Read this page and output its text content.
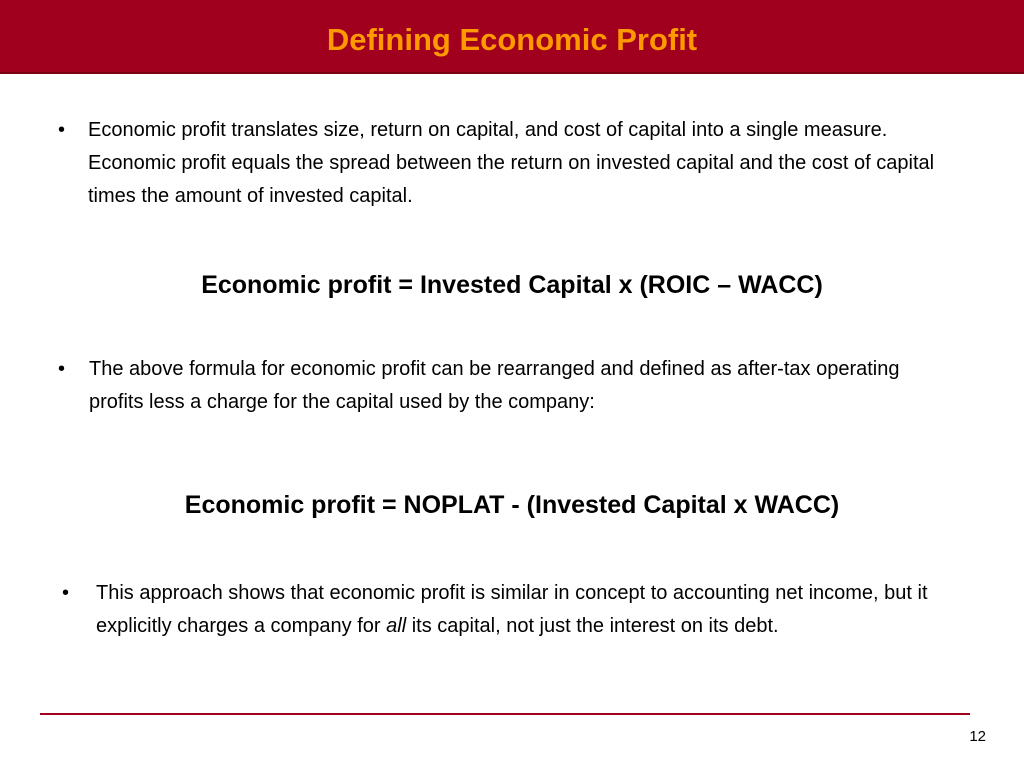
Defining Economic Profit
• Economic profit translates size, return on capital, and cost of capital into a single measure. Economic profit equals the spread between the return on invested capital and the cost of capital times the amount of invested capital.
Economic profit = Invested Capital x (ROIC – WACC)
• The above formula for economic profit can be rearranged and defined as after-tax operating profits less a charge for the capital used by the company:
Economic profit = NOPLAT - (Invested Capital x WACC)
• This approach shows that economic profit is similar in concept to accounting net income, but it explicitly charges a company for all its capital, not just the interest on its debt.
12
